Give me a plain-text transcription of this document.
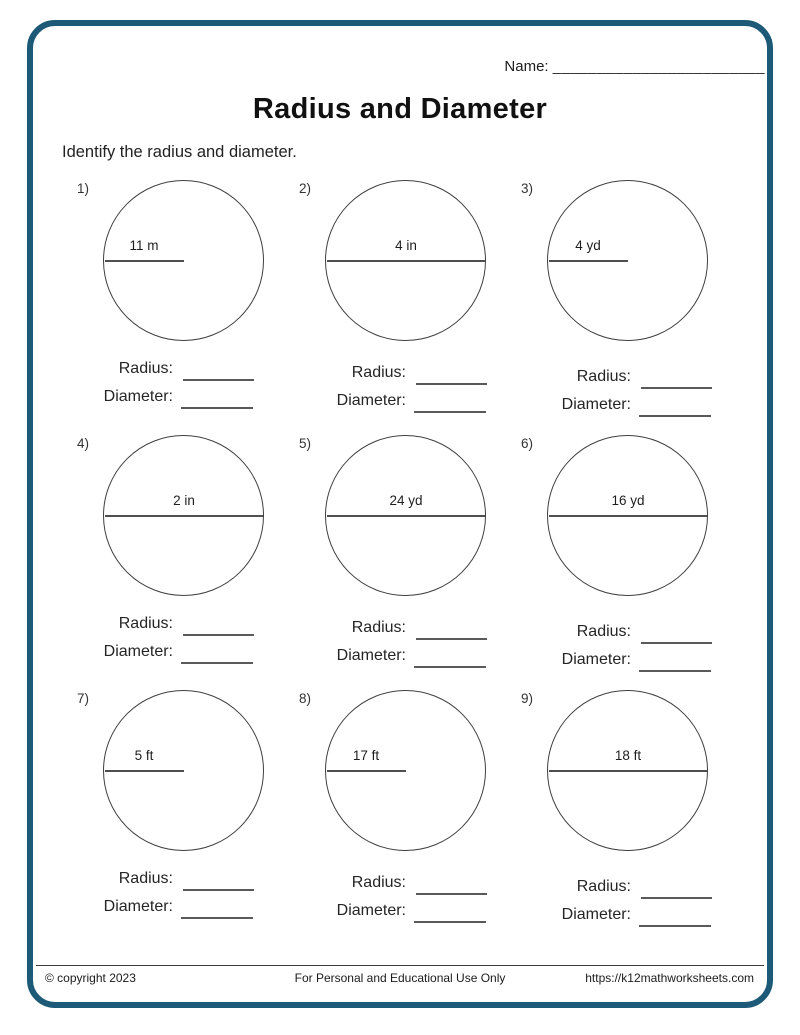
Name: ________________________
Radius and Diameter
Identify the radius and diameter.
1)
11 m
Radius:
Diameter:
2)
4 in
Radius:
Diameter:
3)
4 yd
Radius:
Diameter:
4)
2 in
Radius:
Diameter:
5)
24 yd
Radius:
Diameter:
6)
16 yd
Radius:
Diameter:
7)
5 ft
Radius:
Diameter:
8)
17 ft
Radius:
Diameter:
9)
18 ft
Radius:
Diameter:
© copyright 2023	For Personal and Educational Use Only	https://k12mathworksheets.com
